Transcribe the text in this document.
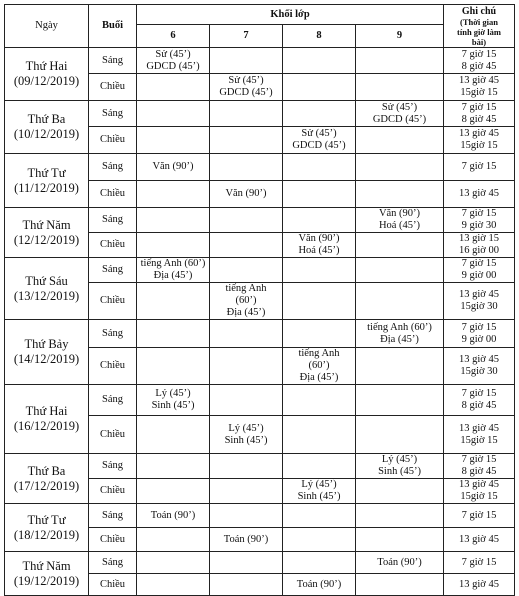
Ngày	Buổi	Khối lớp				Ghi chú
(Thời gian
tính giờ làm
bài)

		6	7	8	9	

Thứ Hai
(09/12/2019)	Sáng	Sử (45’)
GDCD (45’)				7 giờ 15
8 giờ 45

	Chiều		Sử (45’)
GDCD (45’)			13 giờ 45
15giờ 15

Thứ Ba
(10/12/2019)	Sáng				Sử (45’)
GDCD (45’)	7 giờ 15
8 giờ 45

	Chiều			Sử (45’)
GDCD (45’)		13 giờ 45
15giờ 15

Thứ Tư
(11/12/2019)	Sáng	Văn (90’)				7 giờ 15

	Chiều		Văn (90’)			13 giờ 45

Thứ Năm
(12/12/2019)	Sáng				Văn (90’)
Hoá (45’)	7 giờ 15
9 giờ 30

	Chiều			Văn (90’)
Hoá (45’)		13 giờ 15
16 giờ 00

Thứ Sáu
(13/12/2019)	Sáng	tiếng Anh (60’)
Địa (45’)				7 giờ 15
9 giờ 00

	Chiều		tiếng Anh
(60’)
Địa (45’)			13 giờ 45
15giờ 30

Thứ Bảy
(14/12/2019)	Sáng				tiếng Anh (60’)
Địa (45’)	7 giờ 15
9 giờ 00

	Chiều			tiếng Anh
(60’)
Địa (45’)		13 giờ 45
15giờ 30

Thứ Hai
(16/12/2019)	Sáng	Lý (45’)
Sinh (45’)				7 giờ 15
8 giờ 45

	Chiều		Lý (45’)
Sinh (45’)			13 giờ 45
15giờ 15

Thứ Ba
(17/12/2019)	Sáng				Lý (45’)
Sinh (45’)	7 giờ 15
8 giờ 45

	Chiều			Lý (45’)
Sinh (45’)		13 giờ 45
15giờ 15

Thứ Tư
(18/12/2019)	Sáng	Toán (90’)				7 giờ 15

	Chiều		Toán (90’)			13 giờ 45

Thứ Năm
(19/12/2019)	Sáng				Toán (90’)	7 giờ 15

	Chiều			Toán (90’)		13 giờ 45
